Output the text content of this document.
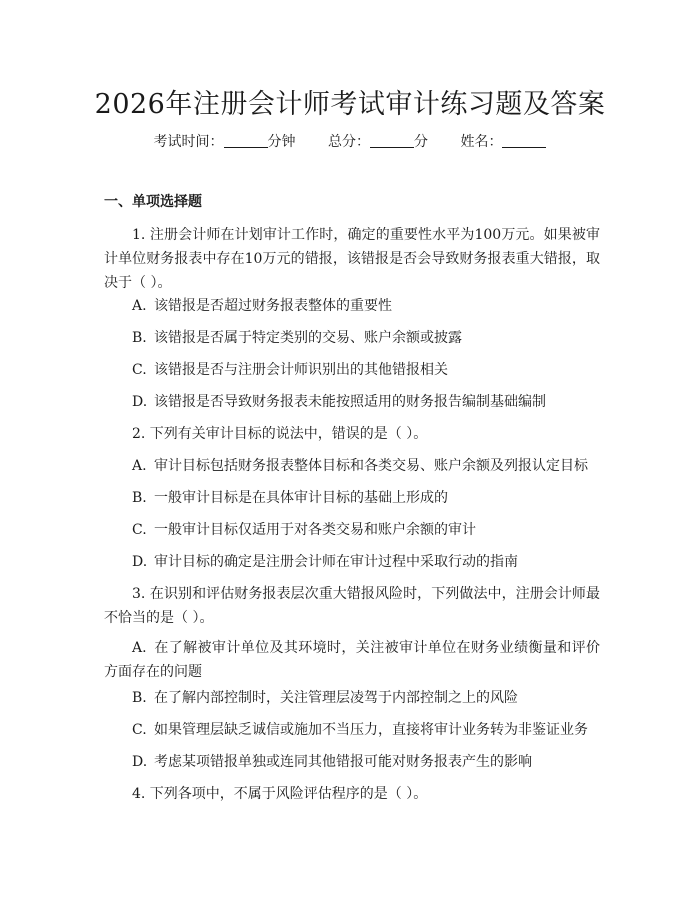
2026年注册会计师考试审计练习题及答案
考试时间：	分钟 总分：	分 姓名：
一、单项选择题

1. 注册会计师在计划审计工作时，确定的重要性水平为100万元。如果被审计单位财务报表中存在10万元的错报，该错报是否会导致财务报表重大错报，取决于（ ）。

A. 该错报是否超过财务报表整体的重要性

B. 该错报是否属于特定类别的交易、账户余额或披露

C. 该错报是否与注册会计师识别出的其他错报相关

D. 该错报是否导致财务报表未能按照适用的财务报告编制基础编制

2. 下列有关审计目标的说法中，错误的是（ ）。

A. 审计目标包括财务报表整体目标和各类交易、账户余额及列报认定目标

B. 一般审计目标是在具体审计目标的基础上形成的

C. 一般审计目标仅适用于对各类交易和账户余额的审计

D. 审计目标的确定是注册会计师在审计过程中采取行动的指南

3. 在识别和评估财务报表层次重大错报风险时，下列做法中，注册会计师最不恰当的是（ ）。

A. 在了解被审计单位及其环境时，关注被审计单位在财务业绩衡量和评价方面存在的问题

B. 在了解内部控制时，关注管理层凌驾于内部控制之上的风险

C. 如果管理层缺乏诚信或施加不当压力，直接将审计业务转为非鉴证业务

D. 考虑某项错报单独或连同其他错报可能对财务报表产生的影响

4. 下列各项中，不属于风险评估程序的是（ ）。
